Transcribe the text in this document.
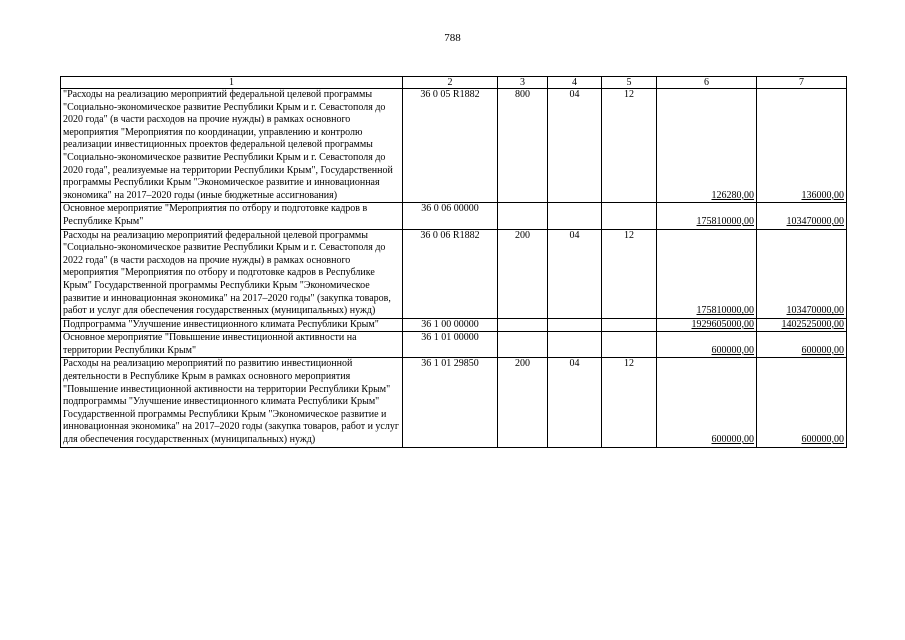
788
1	2	3	4	5	6	7
"Расходы на реализацию мероприятий федеральной целевой программы "Социально-экономическое развитие Республики Крым и г. Севастополя до 2020 года" (в части расходов на прочие нужды) в рамках основного мероприятия "Мероприятия по координации, управлению и контролю реализации инвестиционных проектов федеральной целевой программы "Социально-экономическое развитие Республики Крым и г. Севастополя до 2020 года", реализуемые на территории Республики Крым", Государственной программы Республики Крым "Экономическое развитие и инновационная экономика" на 2017–2020 годы (иные бюджетные ассигнования)	36 0 05 R1882	800	04	12	126280,00	136000,00
Основное мероприятие "Мероприятия по отбору и подготовке кадров в Республике Крым"	36 0 06 00000				175810000,00	103470000,00
Расходы на реализацию мероприятий федеральной целевой программы "Социально-экономическое развитие Республики Крым и г. Севастополя до 2022 года" (в части расходов на прочие нужды) в рамках основного мероприятия "Мероприятия по отбору и подготовке кадров в Республике Крым" Государственной программы Республики Крым "Экономическое развитие и инновационная экономика" на 2017–2020 годы" (закупка товаров, работ и услуг для обеспечения государственных (муниципальных) нужд)	36 0 06 R1882	200	04	12	175810000,00	103470000,00
Подпрограмма "Улучшение инвестиционного климата Республики Крым"	36 1 00 00000				1929605000,00	1402525000,00
Основное мероприятие "Повышение инвестиционной активности на территории Республики Крым"	36 1 01 00000				600000,00	600000,00
Расходы на реализацию мероприятий по развитию инвестиционной деятельности в Республике Крым в рамках основного мероприятия "Повышение инвестиционной активности на территории Республики Крым" подпрограммы "Улучшение инвестиционного климата Республики Крым" Государственной программы Республики Крым "Экономическое развитие и инновационная экономика" на 2017–2020 годы (закупка товаров, работ и услуг для обеспечения государственных (муниципальных) нужд)	36 1 01 29850	200	04	12	600000,00	600000,00
